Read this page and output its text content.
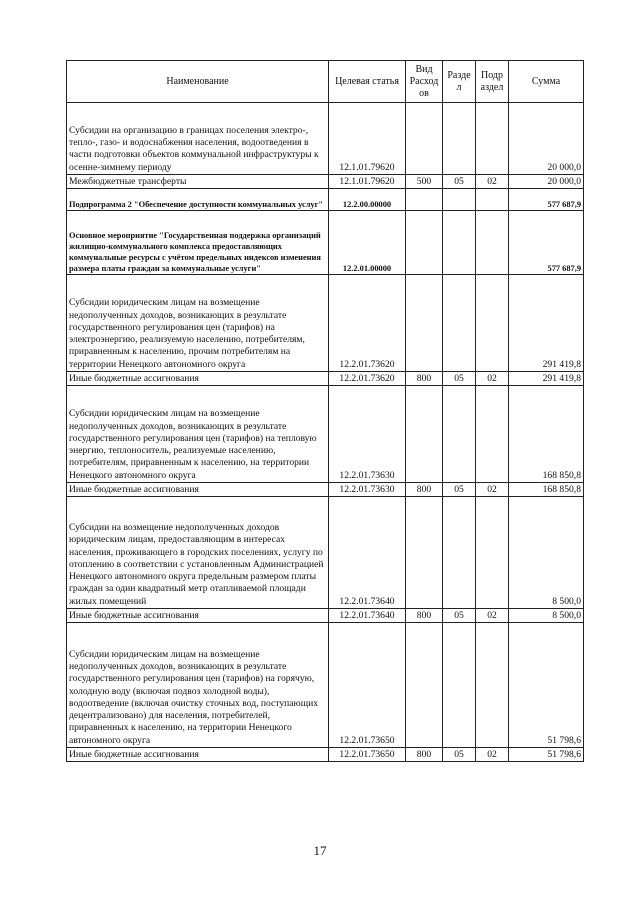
Наименование	Целевая статья	Вид Расход ов	Разде л	Подр аздел	Сумма
Субсидии на организацию в границах поселения электро-, тепло-, газо- и водоснабжения населения, водоотведения в части подготовки объектов коммунальной инфраструктуры к осенне-зимнему периоду	12.1.01.79620				20 000,0
Межбюджетные трансферты	12.1.01.79620	500	05	02	20 000,0
Подпрограмма 2 "Обеспечение доступности коммунальных услуг"	12.2.00.00000				577 687,9
Основное мероприятие "Государственная поддержка организаций жилищно-коммунального комплекса предоставляющих коммунальные ресурсы с учётом предельных индексов изменения размера платы граждан за коммунальные услуги"	12.2.01.00000				577 687,9
Субсидии юридическим лицам на возмещение недополученных доходов, возникающих в результате государственного регулирования цен (тарифов) на электроэнергию, реализуемую населению, потребителям, приравненным к населению, прочим потребителям на территории Ненецкого автономного округа	12.2.01.73620				291 419,8
Иные бюджетные ассигнования	12.2.01.73620	800	05	02	291 419,8
Субсидии юридическим лицам на возмещение недополученных доходов, возникающих в результате государственного регулирования цен (тарифов) на тепловую энергию, теплоноситель, реализуемые населению, потребителям, приравненным к населению, на территории Ненецкого автономного округа	12.2.01.73630				168 850,8
Иные бюджетные ассигнования	12.2.01.73630	800	05	02	168 850,8
Субсидии на возмещение недополученных доходов юридическим лицам, предоставляющим в интересах населения, проживающего в городских поселениях, услугу по отоплению в соответствии с установленным Администрацией Ненецкого автономного округа предельным размером платы граждан за один квадратный метр отапливаемой площади жилых помещений	12.2.01.73640				8 500,0
Иные бюджетные ассигнования	12.2.01.73640	800	05	02	8 500,0
Субсидии юридическим лицам на возмещение недополученных доходов, возникающих в результате государственного регулирования цен (тарифов) на горячую, холодную воду (включая подвоз холодной воды), водоотведение (включая очистку сточных вод, поступающих децентрализовано) для населения, потребителей, приравненных к населению, на территории Ненецкого автономного округа	12.2.01.73650				51 798,6
Иные бюджетные ассигнования	12.2.01.73650	800	05	02	51 798,6
17
